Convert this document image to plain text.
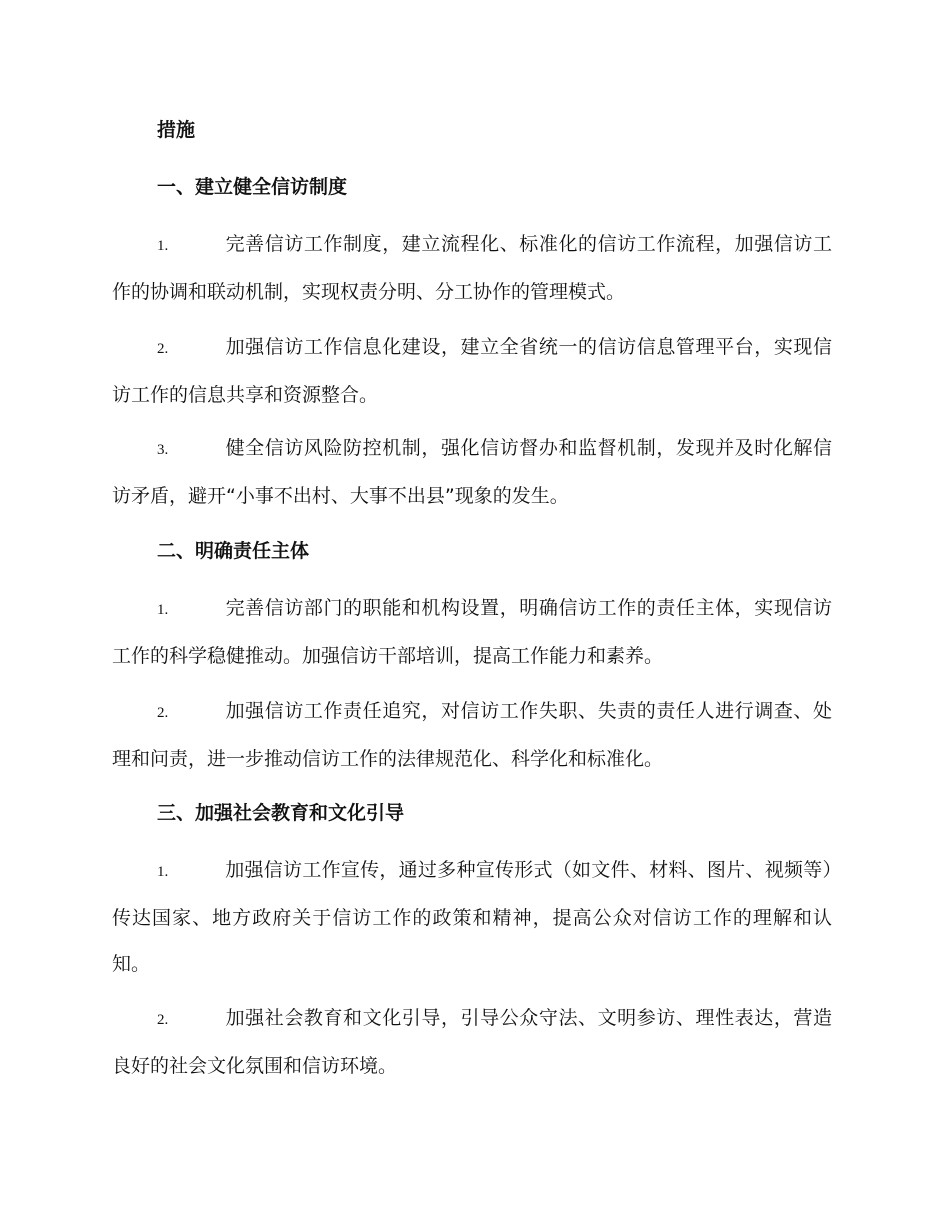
措施
一、建立健全信访制度

1.	完善信访工作制度，建立流程化、标准化的信访工作流程，加强信访工作的协调和联动机制，实现权责分明、分工协作的管理模式。

2.	加强信访工作信息化建设，建立全省统一的信访信息管理平台，实现信访工作的信息共享和资源整合。

3.	健全信访风险防控机制，强化信访督办和监督机制，发现并及时化解信访矛盾，避开“小事不出村、大事不出县”现象的发生。

二、明确责任主体

1.	完善信访部门的职能和机构设置，明确信访工作的责任主体，实现信访工作的科学稳健推动。加强信访干部培训，提高工作能力和素养。

2.	加强信访工作责任追究，对信访工作失职、失责的责任人进行调查、处理和问责，进一步推动信访工作的法律规范化、科学化和标准化。

三、加强社会教育和文化引导

1.	加强信访工作宣传，通过多种宣传形式（如文件、材料、图片、视频等）传达国家、地方政府关于信访工作的政策和精神，提高公众对信访工作的理解和认知。

2.	加强社会教育和文化引导，引导公众守法、文明参访、理性表达，营造良好的社会文化氛围和信访环境。
